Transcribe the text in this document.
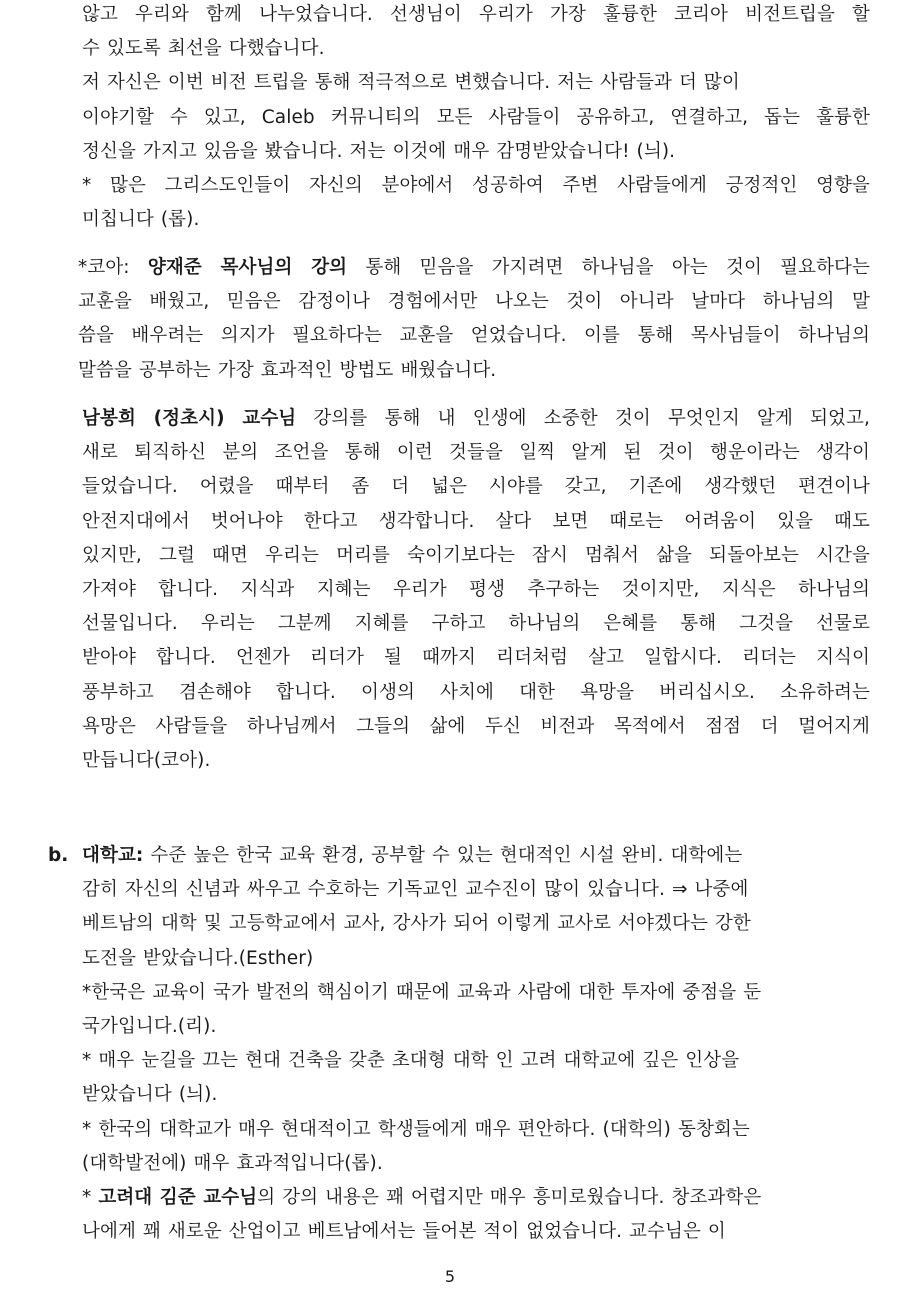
않고 우리와 함께 나누었습니다. 선생님이 우리가 가장 훌륭한 코리아 비전트립을 할
수 있도록 최선을 다했습니다.
저 자신은 이번 비전 트립을 통해 적극적으로 변했습니다. 저는 사람들과 더 많이
이야기할 수 있고, Caleb 커뮤니티의 모든 사람들이 공유하고, 연결하고, 돕는 훌륭한
정신을 가지고 있음을 봤습니다. 저는 이것에 매우 감명받았습니다! (늬).
* 많은 그리스도인들이 자신의 분야에서 성공하여 주변 사람들에게 긍정적인 영향을
미칩니다 (롭).
*코아: 양재준 목사님의 강의 통해 믿음을 가지려면 하나님을 아는 것이 필요하다는
교훈을 배웠고, 믿음은 감정이나 경험에서만 나오는 것이 아니라 날마다 하나님의 말
씀을 배우려는 의지가 필요하다는 교훈을 얻었습니다. 이를 통해 목사님들이 하나님의
말씀을 공부하는 가장 효과적인 방법도 배웠습니다.
남봉희 (정초시) 교수님 강의를 통해 내 인생에 소중한 것이 무엇인지 알게 되었고,
새로 퇴직하신 분의 조언을 통해 이런 것들을 일찍 알게 된 것이 행운이라는 생각이
들었습니다. 어렸을 때부터 좀 더 넓은 시야를 갖고, 기존에 생각했던 편견이나
안전지대에서 벗어나야 한다고 생각합니다. 살다 보면 때로는 어려움이 있을 때도
있지만, 그럴 때면 우리는 머리를 숙이기보다는 잠시 멈춰서 삶을 되돌아보는 시간을
가져야 합니다. 지식과 지혜는 우리가 평생 추구하는 것이지만, 지식은 하나님의
선물입니다. 우리는 그분께 지혜를 구하고 하나님의 은혜를 통해 그것을 선물로
받아야 합니다. 언젠가 리더가 될 때까지 리더처럼 살고 일합시다. 리더는 지식이
풍부하고 겸손해야 합니다. 이생의 사치에 대한 욕망을 버리십시오. 소유하려는
욕망은 사람들을 하나님께서 그들의 삶에 두신 비전과 목적에서 점점 더 멀어지게
만듭니다(코아).
b. 대학교: 수준 높은 한국 교육 환경, 공부할 수 있는 현대적인 시설 완비. 대학에는
감히 자신의 신념과 싸우고 수호하는 기독교인 교수진이 많이 있습니다. ⇒ 나중에
베트남의 대학 및 고등학교에서 교사, 강사가 되어 이렇게 교사로 서야겠다는 강한
도전을 받았습니다.(Esther)
*한국은 교육이 국가 발전의 핵심이기 때문에 교육과 사람에 대한 투자에 중점을 둔
국가입니다.(리).
* 매우 눈길을 끄는 현대 건축을 갖춘 초대형 대학 인 고려 대학교에 깊은 인상을
받았습니다 (늬).
* 한국의 대학교가 매우 현대적이고 학생들에게 매우 편안하다. (대학의) 동창회는
(대학발전에) 매우 효과적입니다(롭).
* 고려대 김준 교수님의 강의 내용은 꽤 어렵지만 매우 흥미로웠습니다. 창조과학은
나에게 꽤 새로운 산업이고 베트남에서는 들어본 적이 없었습니다. 교수님은 이
5
